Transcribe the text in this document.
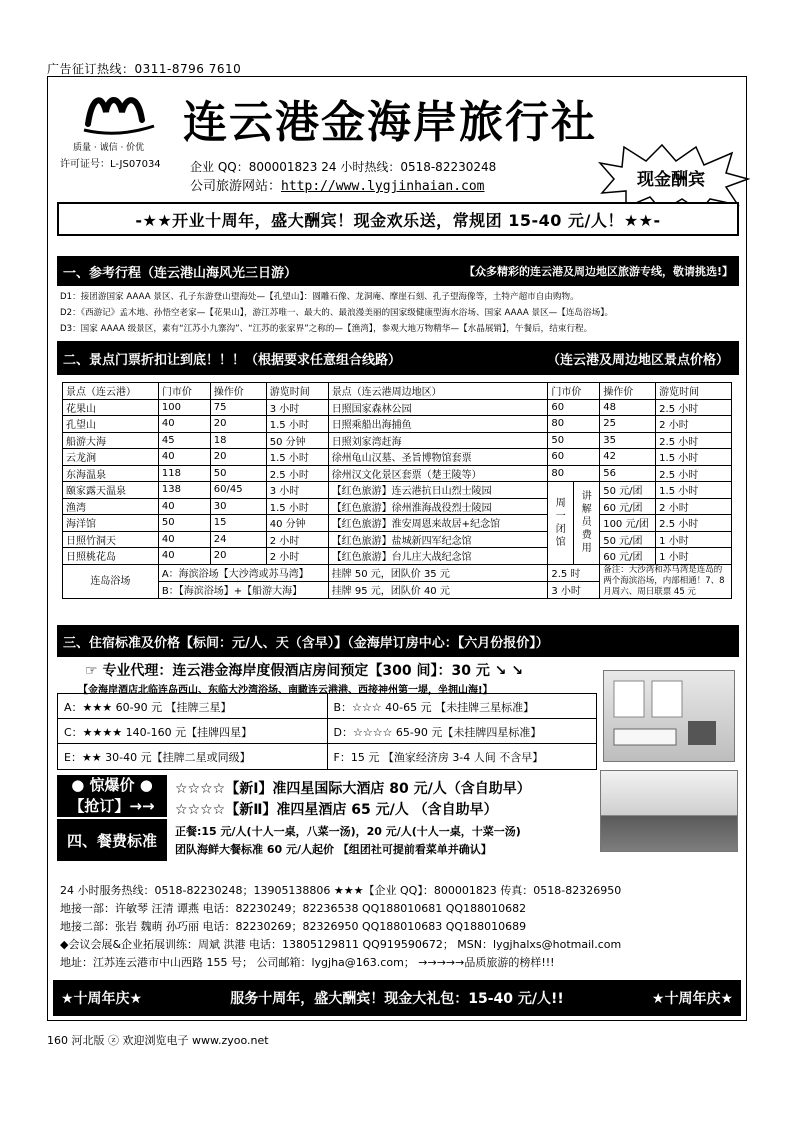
广告征订热线：0311-8796 7610
质量 · 诚信 · 价优
许可证号：L-JS07034
连云港金海岸旅行社
企业 QQ：800001823 24 小时热线：0518-82230248
公司旅游网站：http://www.lygjinhaian.com	现金酬宾
-★★开业十周年，盛大酬宾！现金欢乐送，常规团 15-40 元/人！★★-
一、参考行程（连云港山海风光三日游）	【众多精彩的连云港及周边地区旅游专线，敬请挑选!】
D1：接团游国家 AAAA 景区、孔子东游登山望海处—【孔望山】：圆雕石像、龙洞庵、摩崖石刻、孔子望海像等，土特产超市自由购物。
D2：《西游记》孟木地、孙悟空老家—【花果山】，游江苏唯一、最大的、最浪漫美丽的国家级健康型海水浴场、国家 AAAA 景区—【连岛浴场】。
D3：国家 AAAA 级景区，素有“江苏小九寨沟”、“江苏的张家界”之称的—【渔湾】，参观大地万物精华—【水晶展销】，午餐后，结束行程。
二、景点门票折扣让到底！！！（根据要求任意组合线路）	（连云港及周边地区景点价格）
景点（连云港）	门市价	操作价	游览时间	景点（连云港周边地区）	门市价		操作价	游览时间
花果山	100	75	3 小时	日照国家森林公园	60		48	2.5 小时
孔望山	40	20	1.5 小时	日照乘船出海捕鱼	80		25	2 小时
船游大海	45	18	50 分钟	日照刘家湾赶海	50		35	2.5 小时
云龙涧	40	20	1.5 小时	徐州龟山汉墓、圣旨博物馆套票	60		42	1.5 小时
东海温泉	118	50	2.5 小时	徐州汉文化景区套票（楚王陵等）	80		56	2.5 小时
颐家露天温泉	138	60/45	3 小时	【红色旅游】连云港抗日山烈士陵园	周一闭馆	讲解员费用	50 元/团	1.5 小时
渔湾	40	30	1.5 小时	【红色旅游】徐州淮海战役烈士陵园			60 元/团	2 小时
海洋馆	50	15	40 分钟	【红色旅游】淮安周恩来故居+纪念馆			100 元/团	2.5 小时
日照竹洞天	40	24	2 小时	【红色旅游】盐城新四军纪念馆			50 元/团	1 小时
日照桃花岛	40	20	2 小时	【红色旅游】台儿庄大战纪念馆			60 元/团	1 小时
连岛浴场	A：海滨浴场【大沙湾或苏马湾】			挂牌 50 元，团队价 35 元	2.5 时		备注：大沙湾和苏马湾是连岛的两个海滨浴场，内部相通！7、8 月周六、周日联票 45 元	
	B：【海滨浴场】+【船游大海】			挂牌 95 元，团队价 40 元	3 小时			
三、住宿标准及价格【标间：元/人、天（含早）】（金海岸订房中心：【六月份报价】）
☞ 专业代理：连云港金海岸度假酒店房间预定【300 间】：30 元 ↘ ↘
【金海岸酒店北临连岛西山、东临大沙湾浴场、南瞰连云港港、西接神州第一堤，坐拥山海!】
A：★★★ 60-90 元 【挂牌三星】	B：☆☆☆ 40-65 元 【未挂牌三星标准】
C：★★★★ 140-160 元【挂牌四星】	D：☆☆☆☆ 65-90 元【未挂牌四星标准】
E：★★ 30-40 元【挂牌二星或同级】	F：15 元 【渔家经济房 3-4 人间 不含早】
● 惊爆价 ●
【抢订】→→
☆☆☆☆【新Ⅰ】准四星国际大酒店 80 元/人（含自助早）
☆☆☆☆【新Ⅱ】准四星酒店 65 元/人 （含自助早）
四、餐费标准	正餐:15 元/人(十人一桌，八菜一汤)，20 元/人(十人一桌，十菜一汤)
团队海鲜大餐标准 60 元/人起价 【组团社可提前看菜单并确认】
24 小时服务热线：0518-82230248；13905138806 ★★★【企业 QQ】：800001823 传真：0518-82326950
地接一部：许敏琴 汪清 谭燕 电话：82230249；82236538 QQ188010681 QQ188010682
地接二部：张岩 魏萌 孙巧丽 电话：82230269；82326950 QQ188010683 QQ188010689
◆会议会展&企业拓展训练：周斌 洪港 电话：13805129811 QQ919590672； MSN：lygjhalxs@hotmail.com
地址：江苏连云港市中山西路 155 号； 公司邮箱：lygjha@163.com； →→→→→品质旅游的榜样!!!
★十周年庆★	服务十周年，盛大酬宾！现金大礼包：15-40 元/人!!	★十周年庆★
160 河北版 ⓩ 欢迎浏览电子 www.zyoo.net
